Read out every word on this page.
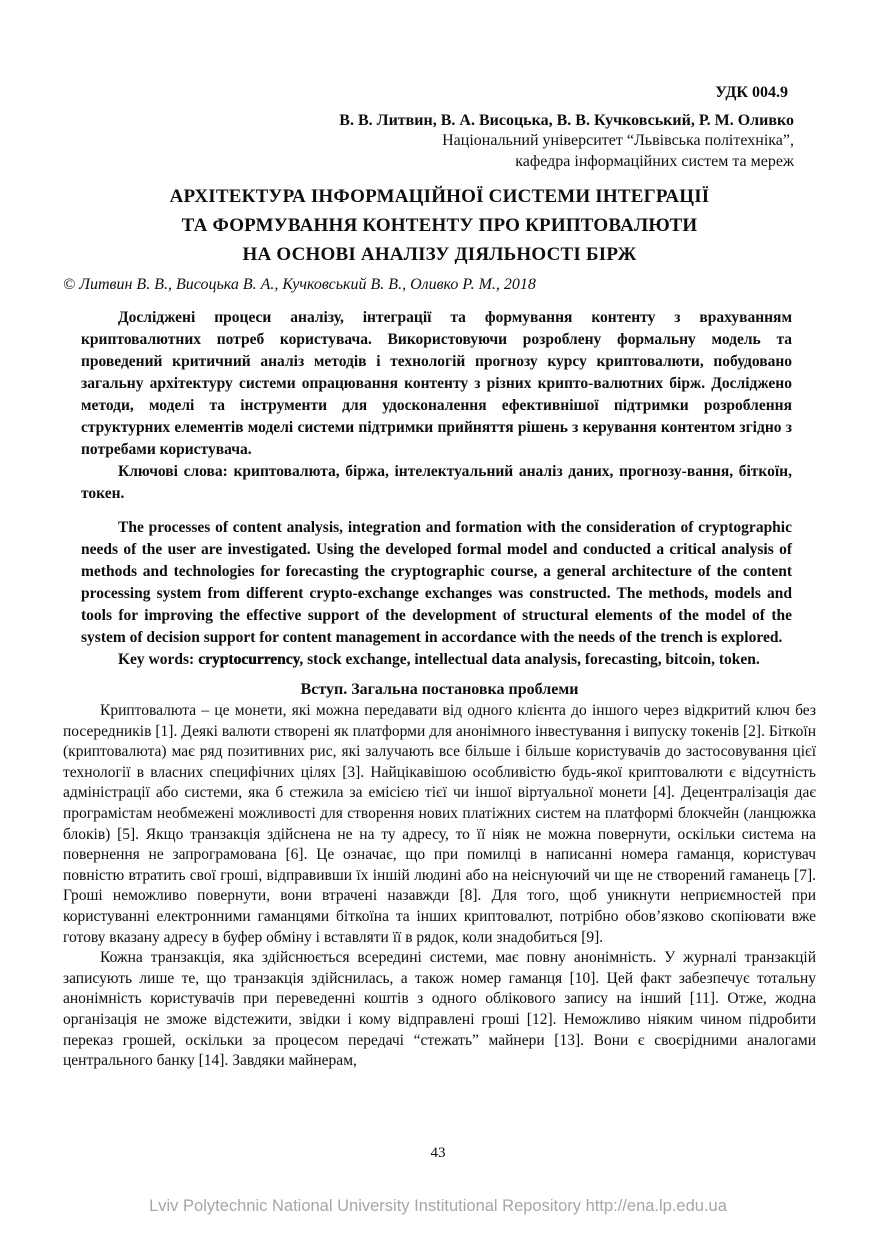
УДК 004.9
В. В. Литвин, В. А. Висоцька, В. В. Кучковський, Р. М. Оливко
Національний університет “Львівська політехніка”,
кафедра інформаційних систем та мереж
АРХІТЕКТУРА ІНФОРМАЦІЙНОЇ СИСТЕМИ ІНТЕГРАЦІЇ
ТА ФОРМУВАННЯ КОНТЕНТУ ПРО КРИПТОВАЛЮТИ
НА ОСНОВІ АНАЛІЗУ ДІЯЛЬНОСТІ БІРЖ
© Литвин В. В., Висоцька В. А., Кучковський В. В., Оливко Р. М., 2018

Досліджені процеси аналізу, інтеграції та формування контенту з врахуванням криптовалютних потреб користувача. Використовуючи розроблену формальну модель та проведений критичний аналіз методів і технологій прогнозу курсу криптовалюти, побудовано загальну архітектуру системи опрацювання контенту з різних крипто-валютних бірж. Досліджено методи, моделі та інструменти для удосконалення ефективнішої підтримки розроблення структурних елементів моделі системи підтримки прийняття рішень з керування контентом згідно з потребами користувача.

Ключові слова: криптовалюта, біржа, інтелектуальний аналіз даних, прогнозу-вання, біткоїн, токен.

The processes of content analysis, integration and formation with the consideration of cryptographic needs of the user are investigated. Using the developed formal model and conducted a critical analysis of methods and technologies for forecasting the cryptographic course, a general architecture of the content processing system from different crypto-exchange exchanges was constructed. The methods, models and tools for improving the effective support of the development of structural elements of the model of the system of decision support for content management in accordance with the needs of the trench is explored.

Key words: cryptocurrency, stock exchange, intellectual data analysis, forecasting, bitcoin, token.

Вступ. Загальна постановка проблеми

Криптовалюта – це монети, які можна передавати від одного клієнта до іншого через відкритий ключ без посередників [1]. Деякі валюти створені як платформи для анонімного інвестування і випуску токенів [2]. Біткоїн (криптовалюта) має ряд позитивних рис, які залучають все більше і більше користувачів до застосовування цієї технології в власних специфічних цілях [3]. Найцікавішою особливістю будь-якої криптовалюти є відсутність адміністрації або системи, яка б стежила за емісією тієї чи іншої віртуальної монети [4]. Децентралізація дає програмістам необмежені можливості для створення нових платіжних систем на платформі блокчейн (ланцюжка блоків) [5]. Якщо транзакція здійснена не на ту адресу, то її ніяк не можна повернути, оскільки система на повернення не запрограмована [6]. Це означає, що при помилці в написанні номера гаманця, користувач повністю втратить свої гроші, відправивши їх іншій людині або на неіснуючий чи ще не створений гаманець [7]. Гроші неможливо повернути, вони втрачені назавжди [8]. Для того, щоб уникнути неприємностей при користуванні електронними гаманцями біткоїна та інших криптовалют, потрібно обов’язково скопіювати вже готову вказану адресу в буфер обміну і вставляти її в рядок, коли знадобиться [9].

Кожна транзакція, яка здійснюється всередині системи, має повну анонімність. У журналі транзакцій записують лише те, що транзакція здійснилась, а також номер гаманця [10]. Цей факт забезпечує тотальну анонімність користувачів при переведенні коштів з одного облікового запису на інший [11]. Отже, жодна організація не зможе відстежити, звідки і кому відправлені гроші [12]. Неможливо ніяким чином підробити переказ грошей, оскільки за процесом передачі “стежать” майнери [13]. Вони є своєрідними аналогами центрального банку [14]. Завдяки майнерам,

43
Lviv Polytechnic National University Institutional Repository http://ena.lp.edu.ua
